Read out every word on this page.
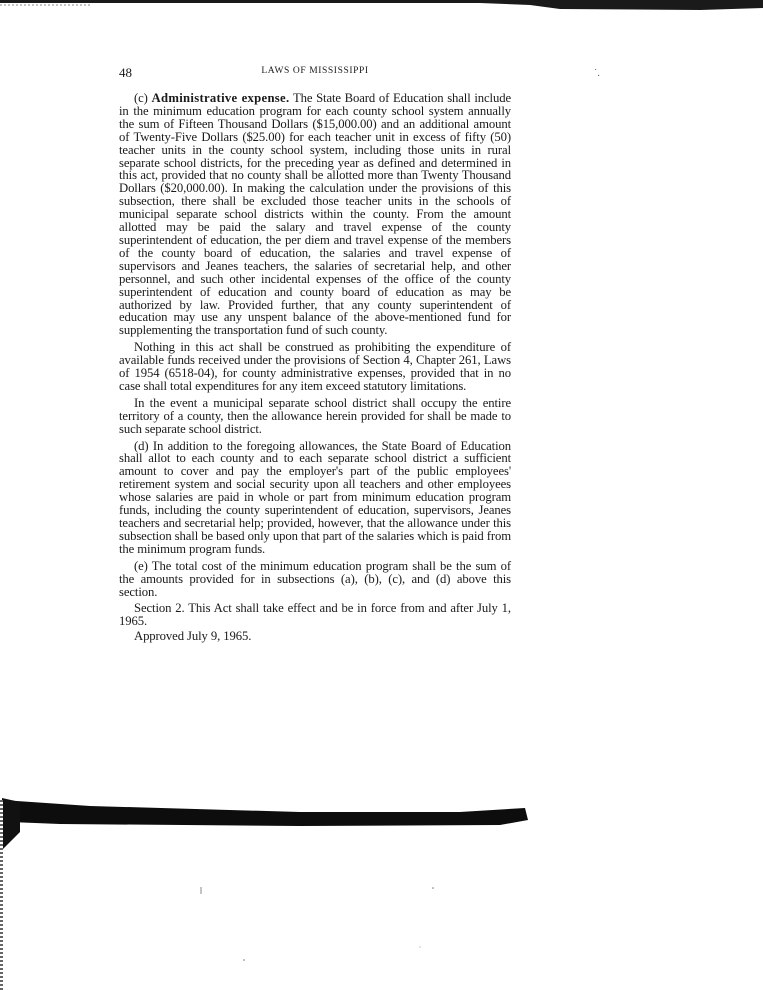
48	LAWS OF MISSISSIPPI	˙.

(c) Administrative expense. The State Board of Education shall include in the minimum education program for each county school system annually the sum of Fifteen Thousand Dollars ($15,000.00) and an additional amount of Twenty-Five Dollars ($25.00) for each teacher unit in excess of fifty (50) teacher units in the county school system, including those units in rural separate school districts, for the preceding year as defined and determined in this act, provided that no county shall be allotted more than Twenty Thousand Dollars ($20,000.00). In making the calculation under the provisions of this subsection, there shall be excluded those teacher units in the schools of municipal separate school districts within the county. From the amount allotted may be paid the salary and travel expense of the county superintendent of education, the per diem and travel expense of the members of the county board of education, the salaries and travel expense of supervisors and Jeanes teachers, the salaries of secretarial help, and other personnel, and such other incidental expenses of the office of the county superintendent of education and county board of education as may be authorized by law. Provided further, that any county superintendent of education may use any unspent balance of the above-mentioned fund for supplementing the transportation fund of such county.

Nothing in this act shall be construed as prohibiting the expenditure of available funds received under the provisions of Section 4, Chapter 261, Laws of 1954 (6518-04), for county administrative expenses, provided that in no case shall total expenditures for any item exceed statutory limitations.

In the event a municipal separate school district shall occupy the entire territory of a county, then the allowance herein provided for shall be made to such separate school district.

(d) In addition to the foregoing allowances, the State Board of Education shall allot to each county and to each separate school district a sufficient amount to cover and pay the employer's part of the public employees' retirement system and social security upon all teachers and other employees whose salaries are paid in whole or part from minimum education program funds, including the county superintendent of education, supervisors, Jeanes teachers and secretarial help; provided, however, that the allowance under this subsection shall be based only upon that part of the salaries which is paid from the minimum program funds.

(e) The total cost of the minimum education program shall be the sum of the amounts provided for in subsections (a), (b), (c), and (d) above this section.

Section 2. This Act shall take effect and be in force from and after July 1, 1965.

Approved July 9, 1965.
